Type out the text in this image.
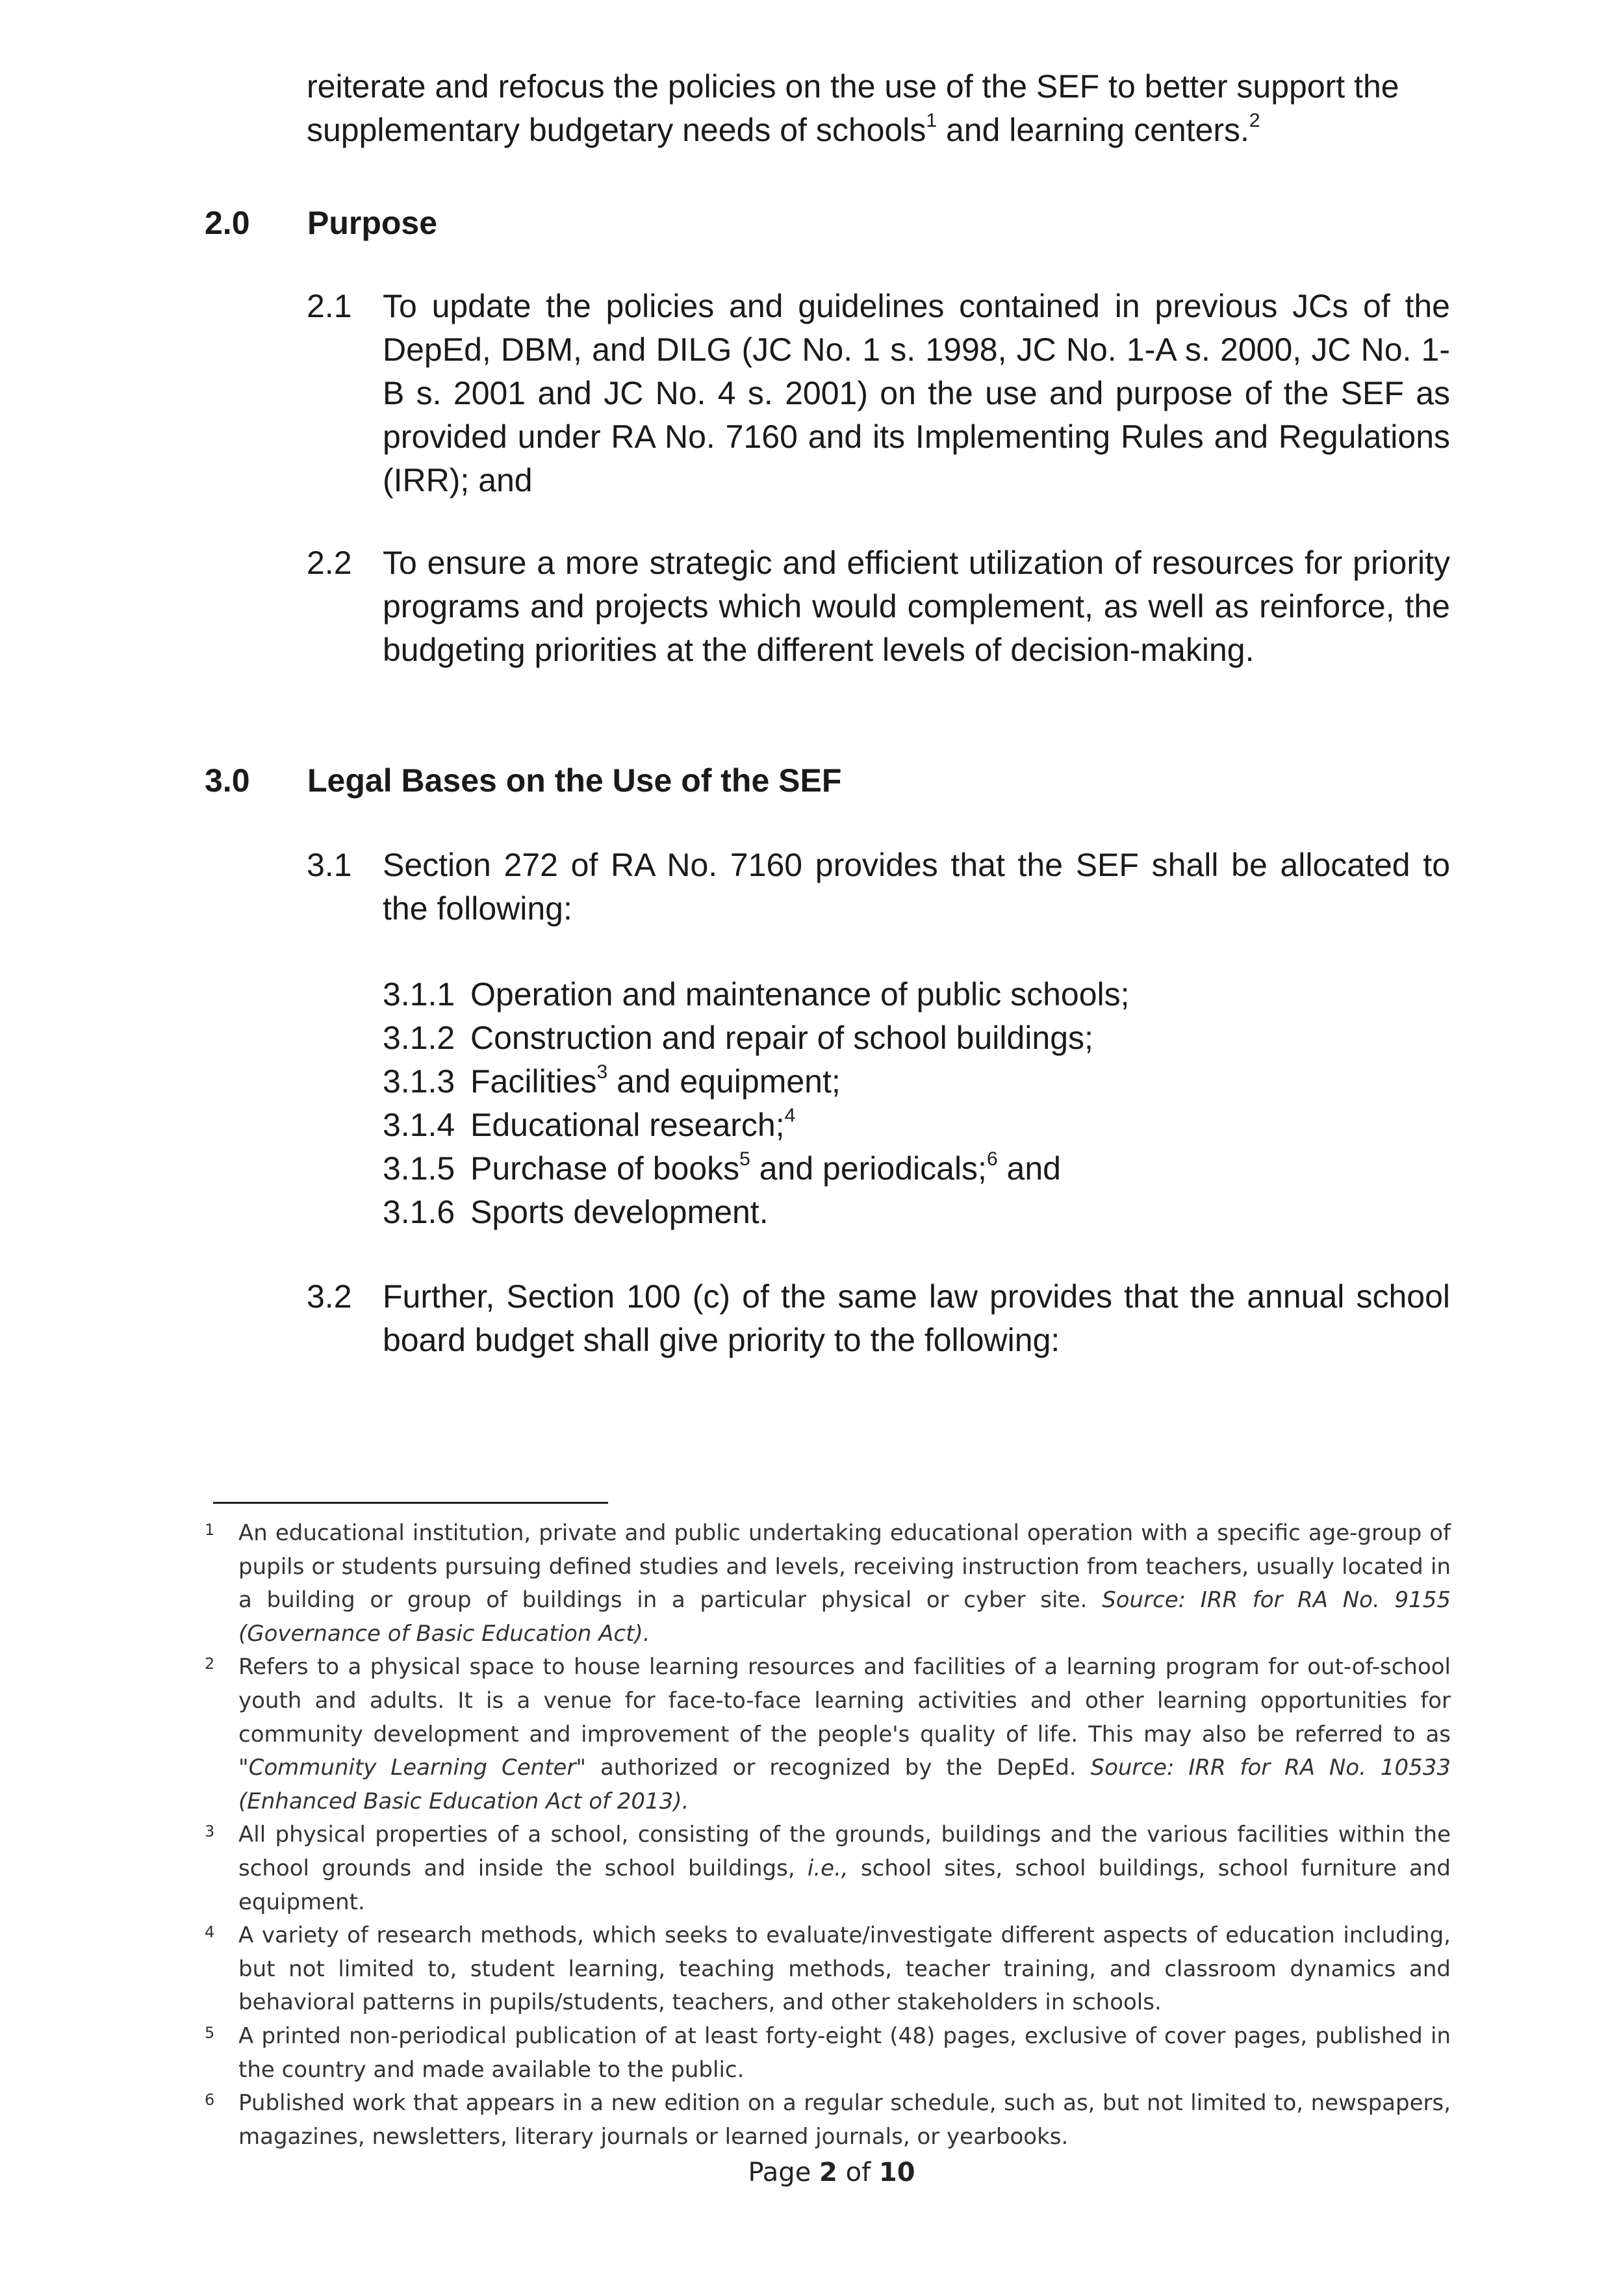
reiterate and refocus the policies on the use of the SEF to better support the supplementary budgetary needs of schools$^1$ and learning centers.$^2$
2.0 Purpose
2.1 To update the policies and guidelines contained in previous JCs of the DepEd, DBM, and DILG (JC No. 1 s. 1998, JC No. 1-A s. 2000, JC No. 1-B s. 2001 and JC No. 4 s. 2001) on the use and purpose of the SEF as provided under RA No. 7160 and its Implementing Rules and Regulations (IRR); and
2.2 To ensure a more strategic and efficient utilization of resources for priority programs and projects which would complement, as well as reinforce, the budgeting priorities at the different levels of decision-making.
3.0 Legal Bases on the Use of the SEF
3.1 Section 272 of RA No. 7160 provides that the SEF shall be allocated to the following:
3.1.1 Operation and maintenance of public schools;
3.1.2 Construction and repair of school buildings;
3.1.3 Facilities$^3$ and equipment;
3.1.4 Educational research;$^4$
3.1.5 Purchase of books$^5$ and periodicals;$^6$ and
3.1.6 Sports development.
3.2 Further, Section 100 (c) of the same law provides that the annual school board budget shall give priority to the following:
1	An educational institution, private and public undertaking educational operation with a specific age-group of pupils or students pursuing defined studies and levels, receiving instruction from teachers, usually located in a building or group of buildings in a particular physical or cyber site. Source: IRR for RA No. 9155 (Governance of Basic Education Act).
2	Refers to a physical space to house learning resources and facilities of a learning program for out-of-school youth and adults. It is a venue for face-to-face learning activities and other learning opportunities for community development and improvement of the people's quality of life. This may also be referred to as "Community Learning Center" authorized or recognized by the DepEd. Source: IRR for RA No. 10533 (Enhanced Basic Education Act of 2013).
3	All physical properties of a school, consisting of the grounds, buildings and the various facilities within the school grounds and inside the school buildings, i.e., school sites, school buildings, school furniture and equipment.
4	A variety of research methods, which seeks to evaluate/investigate different aspects of education including, but not limited to, student learning, teaching methods, teacher training, and classroom dynamics and behavioral patterns in pupils/students, teachers, and other stakeholders in schools.
5	A printed non-periodical publication of at least forty-eight (48) pages, exclusive of cover pages, published in the country and made available to the public.
6	Published work that appears in a new edition on a regular schedule, such as, but not limited to, newspapers, magazines, newsletters, literary journals or learned journals, or yearbooks.
Page 2 of 10
